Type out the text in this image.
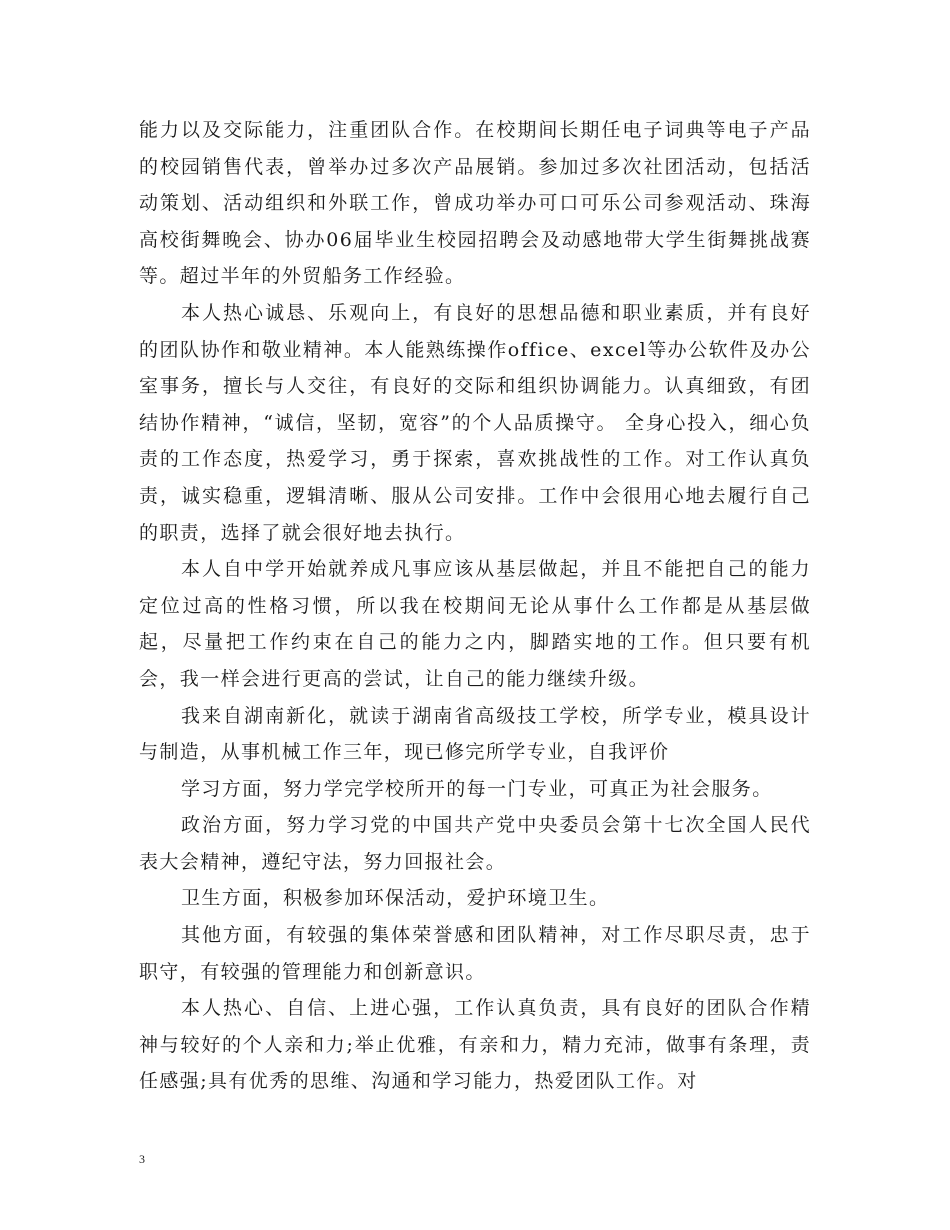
能力以及交际能力，注重团队合作。在校期间长期任电子词典等电子产品的校园销售代表，曾举办过多次产品展销。参加过多次社团活动，包括活动策划、活动组织和外联工作，曾成功举办可口可乐公司参观活动、珠海高校街舞晚会、协办06届毕业生校园招聘会及动感地带大学生街舞挑战赛等。超过半年的外贸船务工作经验。

本人热心诚恳、乐观向上，有良好的思想品德和职业素质，并有良好的团队协作和敬业精神。本人能熟练操作office、excel等办公软件及办公室事务，擅长与人交往，有良好的交际和组织协调能力。认真细致，有团结协作精神，“诚信，坚韧，宽容”的个人品质操守。 全身心投入，细心负责的工作态度，热爱学习，勇于探索，喜欢挑战性的工作。对工作认真负责，诚实稳重，逻辑清晰、服从公司安排。工作中会很用心地去履行自己的职责，选择了就会很好地去执行。

本人自中学开始就养成凡事应该从基层做起，并且不能把自己的能力定位过高的性格习惯，所以我在校期间无论从事什么工作都是从基层做起，尽量把工作约束在自己的能力之内，脚踏实地的工作。但只要有机会，我一样会进行更高的尝试，让自己的能力继续升级。

我来自湖南新化，就读于湖南省高级技工学校，所学专业，模具设计与制造，从事机械工作三年，现已修完所学专业，自我评价

学习方面，努力学完学校所开的每一门专业，可真正为社会服务。

政治方面，努力学习党的中国共产党中央委员会第十七次全国人民代表大会精神，遵纪守法，努力回报社会。

卫生方面，积极参加环保活动，爱护环境卫生。

其他方面，有较强的集体荣誉感和团队精神，对工作尽职尽责，忠于职守，有较强的管理能力和创新意识。

本人热心、自信、上进心强，工作认真负责，具有良好的团队合作精神与较好的个人亲和力;举止优雅，有亲和力，精力充沛，做事有条理，责任感强;具有优秀的思维、沟通和学习能力，热爱团队工作。对

3
